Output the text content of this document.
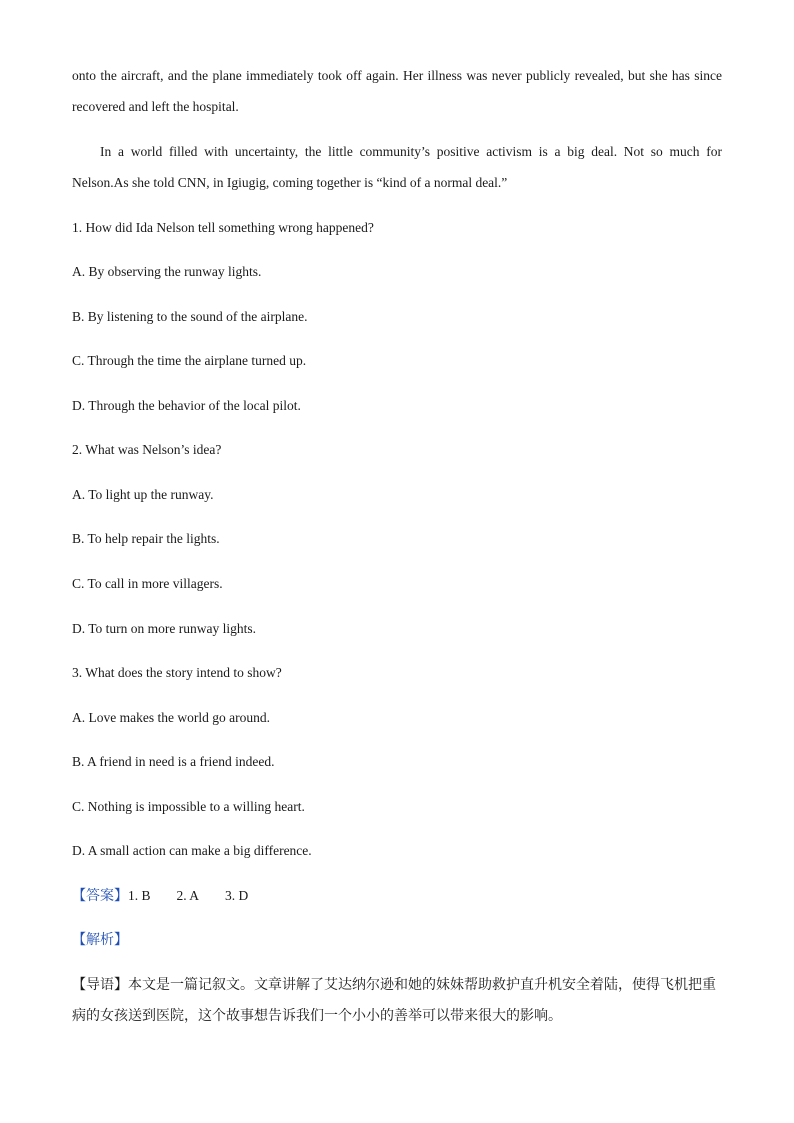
onto the aircraft, and the plane immediately took off again. Her illness was never publicly revealed, but she has since

recovered and left the hospital.

In a world filled with uncertainty, the little community’s positive activism is a big deal. Not so much for

Nelson.As she told CNN, in Igiugig, coming together is “kind of a normal deal.”

1. How did Ida Nelson tell something wrong happened?

A. By observing the runway lights.

B. By listening to the sound of the airplane.

C. Through the time the airplane turned up.

D. Through the behavior of the local pilot.

2. What was Nelson’s idea?

A. To light up the runway.

B. To help repair the lights.

C. To call in more villagers.

D. To turn on more runway lights.

3. What does the story intend to show?

A. Love makes the world go around.

B. A friend in need is a friend indeed.

C. Nothing is impossible to a willing heart.

D. A small action can make a big difference.

【答案】1. B 2. A 3. D

【解析】

【导语】本文是一篇记叙文。文章讲解了艾达纳尔逊和她的妹妹帮助救护直升机安全着陆，使得飞机把重

病的女孩送到医院，这个故事想告诉我们一个小小的善举可以带来很大的影响。
